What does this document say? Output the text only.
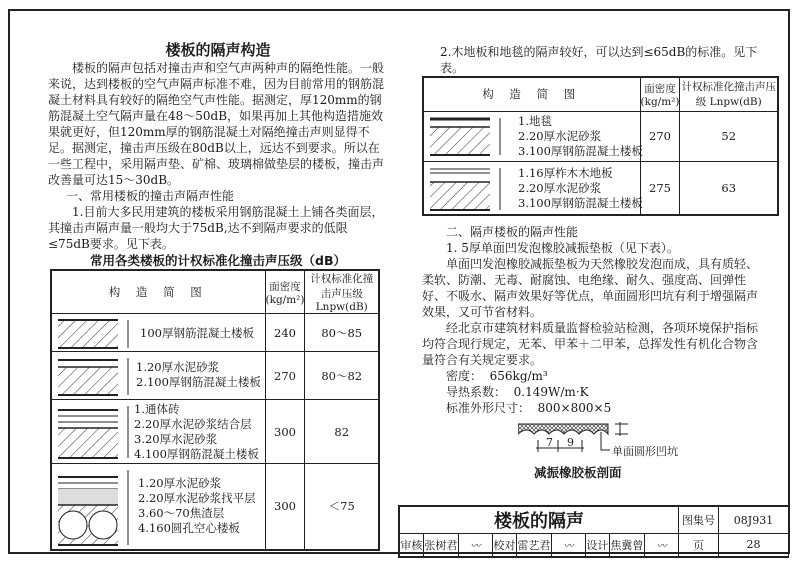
楼板的隔声构造
楼板的隔声包括对撞击声和空气声两种声的隔绝性能。一般来说，达到楼板的空气声隔声标准不难，因为目前常用的钢筋混凝土材料具有较好的隔绝空气声性能。据测定，厚120mm的钢筋混凝土空气隔声量在48～50dB，如果再加上其他构造措施效果就更好，但120mm厚的钢筋混凝土对隔绝撞击声则显得不足。据测定，撞击声压级在80dB以上，远达不到要求。所以在一些工程中，采用隔声垫、矿棉、玻璃棉做垫层的楼板，撞击声改善量可达15～30dB。
一、常用楼板的撞击声隔声性能
1.目前大多民用建筑的楼板采用钢筋混凝土上铺各类面层，其撞击声隔声量一般均大于75dB,达不到隔声要求的低限≤75dB要求。见下表。
常用各类楼板的计权标准化撞击声压级（dB）
构 造 简 图	面密度(kg/m²)	计权标准化撞击声压级 Lnpw(dB)

100厚钢筋混凝土楼板	240	80～85

1.20厚水泥砂浆
2.100厚钢筋混凝土楼板	270	80～82

1.通体砖
2.20厚水泥砂浆结合层
3.20厚水泥砂浆
4.100厚钢筋混凝土楼板	300	82

1.20厚水泥砂浆
2.20厚水泥砂浆找平层
3.60～70焦渣层
4.160圆孔空心楼板	300	＜75
2.木地板和地毯的隔声较好，可以达到≤65dB的标准。见下表。
构 造 简 图	面密度(kg/m²)	计权标准化撞击声压级 Lnpw(dB)

1.地毯
2.20厚水泥砂浆
3.100厚钢筋混凝土楼板	270	52

1.16厚柞木木地板
2.20厚水泥砂浆
3.100厚钢筋混凝土楼板	275	63
二、隔声楼板的隔声性能
1. 5厚单面凹发泡橡胶减振垫板（见下表）。
单面凹发泡橡胶减振垫板为天然橡胶发泡而成，具有质轻、柔软、防潮、无毒、耐腐蚀、电绝缘、耐久、强度高、回弹性好、不吸水、隔声效果好等优点，单面圆形凹坑有利于增强隔声效果，又可节省材料。
经北京市建筑材料质量监督检验站检测，各项环境保护指标均符合现行规定，无苯、甲苯＋二甲苯，总挥发性有机化合物含量符合有关规定要求。
密度： 656kg/m³
导热系数： 0.149W/m·K
标准外形尺寸： 800×800×5
7 9
单面圆形凹坑
减振橡胶板剖面
楼板的隔声									图集号	08J931
审核	张树君	〰	校对	雷艺君	〰	设计	焦冀曾	〰	页	28
